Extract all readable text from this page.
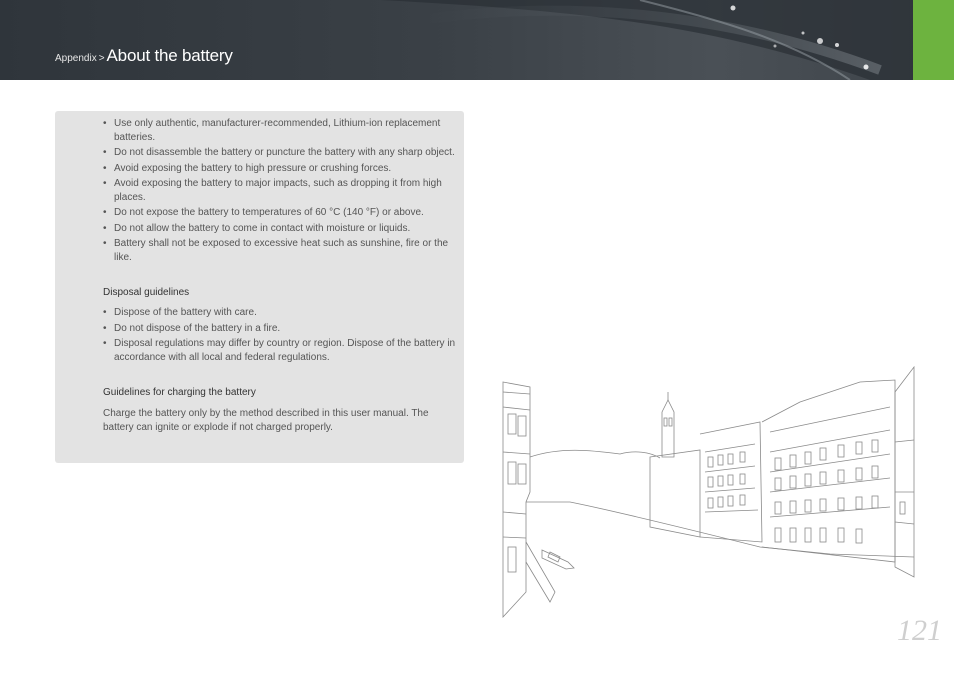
Appendix > About the battery
• Use only authentic, manufacturer-recommended, Lithium-ion replacement batteries.
• Do not disassemble the battery or puncture the battery with any sharp object.
• Avoid exposing the battery to high pressure or crushing forces.
• Avoid exposing the battery to major impacts, such as dropping it from high places.
• Do not expose the battery to temperatures of 60 °C (140 °F) or above.
• Do not allow the battery to come in contact with moisture or liquids.
• Battery shall not be exposed to excessive heat such as sunshine, fire or the like.

Disposal guidelines

• Dispose of the battery with care.
• Do not dispose of the battery in a fire.
• Disposal regulations may differ by country or region. Dispose of the battery in accordance with all local and federal regulations.

Guidelines for charging the battery

Charge the battery only by the method described in this user manual. The battery can ignite or explode if not charged properly.

121
